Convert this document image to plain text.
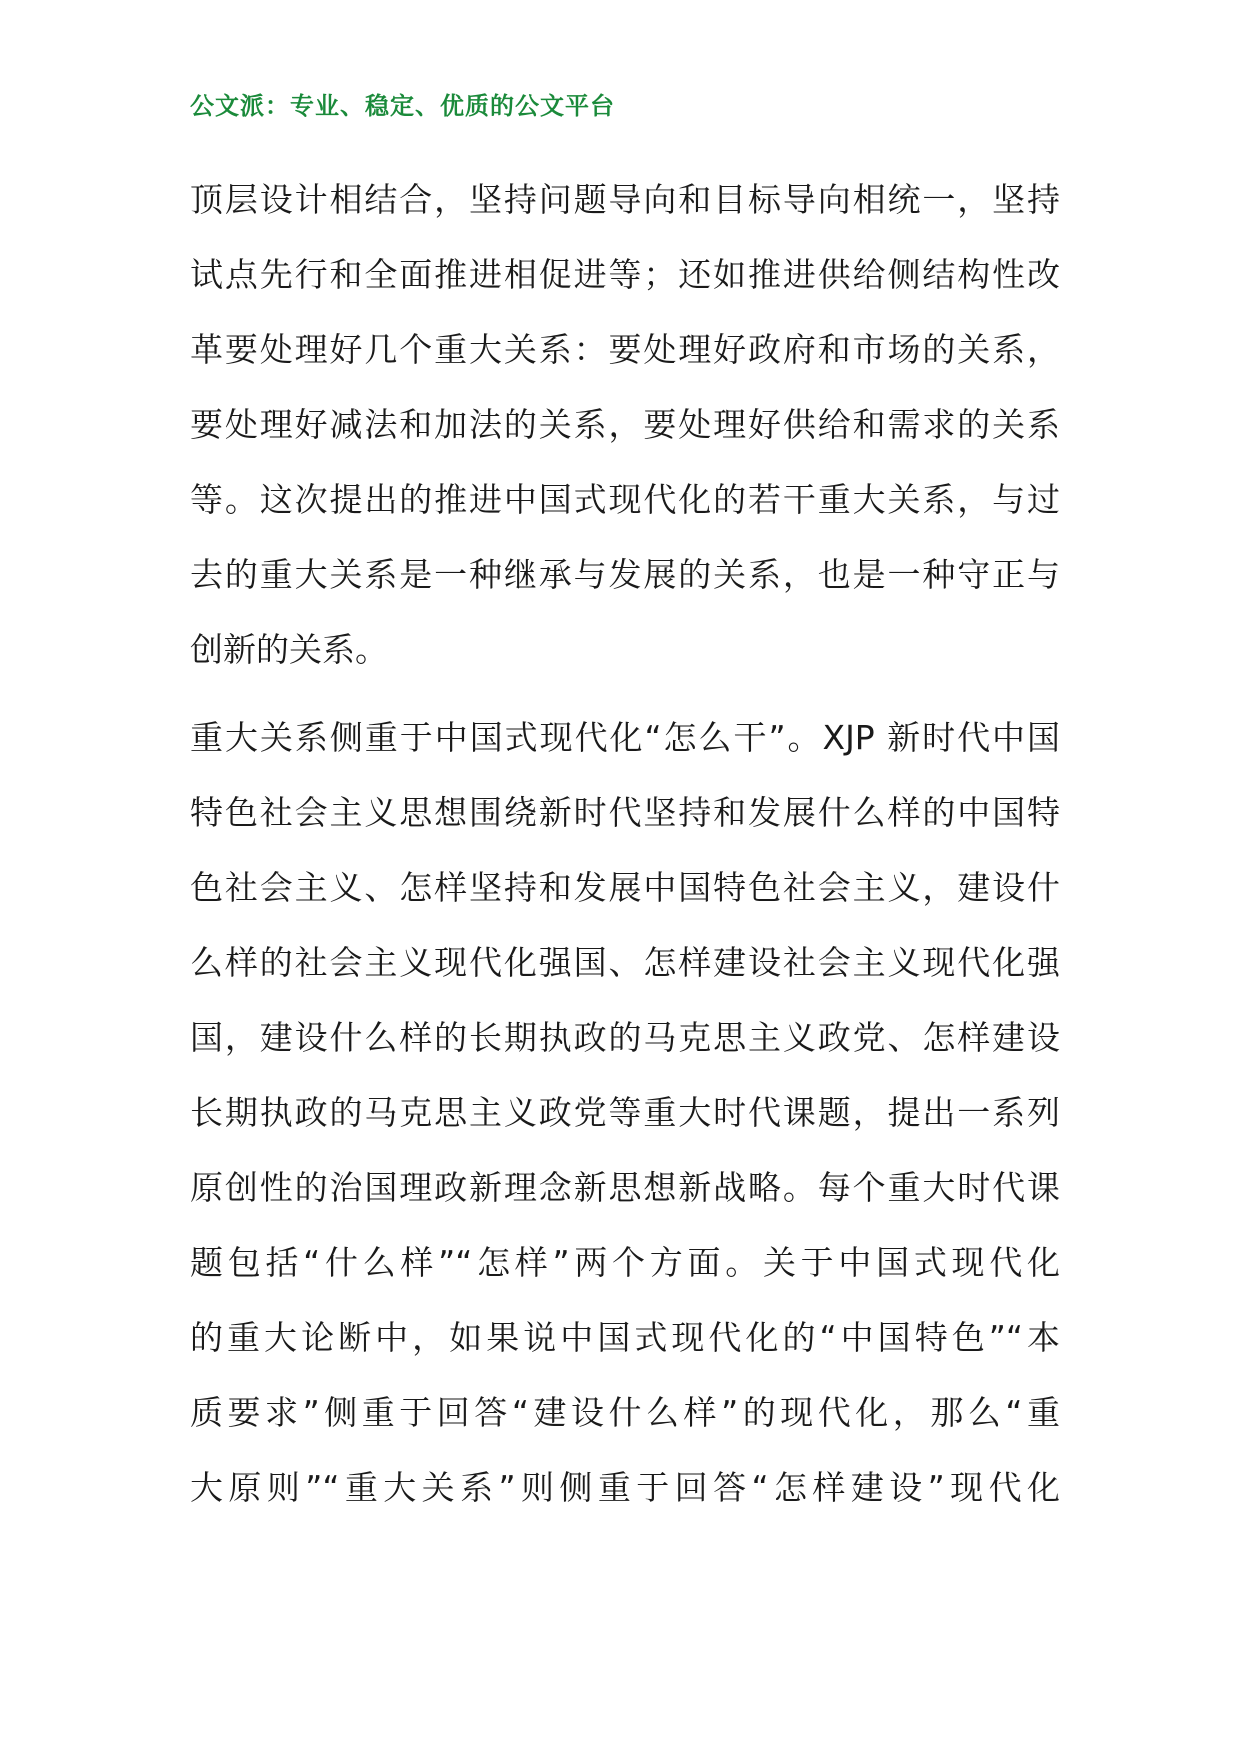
公文派：专业、稳定、优质的公文平台

顶层设计相结合，坚持问题导向和目标导向相统一，坚持
试点先行和全面推进相促进等；还如推进供给侧结构性改
革要处理好几个重大关系：要处理好政府和市场的关系，
要处理好减法和加法的关系，要处理好供给和需求的关系
等。这次提出的推进中国式现代化的若干重大关系，与过
去的重大关系是一种继承与发展的关系，也是一种守正与
创新的关系。

重大关系侧重于中国式现代化“怎么干”。XJP 新时代中国
特色社会主义思想围绕新时代坚持和发展什么样的中国特
色社会主义、怎样坚持和发展中国特色社会主义，建设什
么样的社会主义现代化强国、怎样建设社会主义现代化强
国，建设什么样的长期执政的马克思主义政党、怎样建设
长期执政的马克思主义政党等重大时代课题，提出一系列
原创性的治国理政新理念新思想新战略。每个重大时代课
题包括“什么样”“怎样”两个方面。关于中国式现代化
的重大论断中，如果说中国式现代化的“中国特色”“本
质要求”侧重于回答“建设什么样”的现代化，那么“重
大原则”“重大关系”则侧重于回答“怎样建设”现代化
